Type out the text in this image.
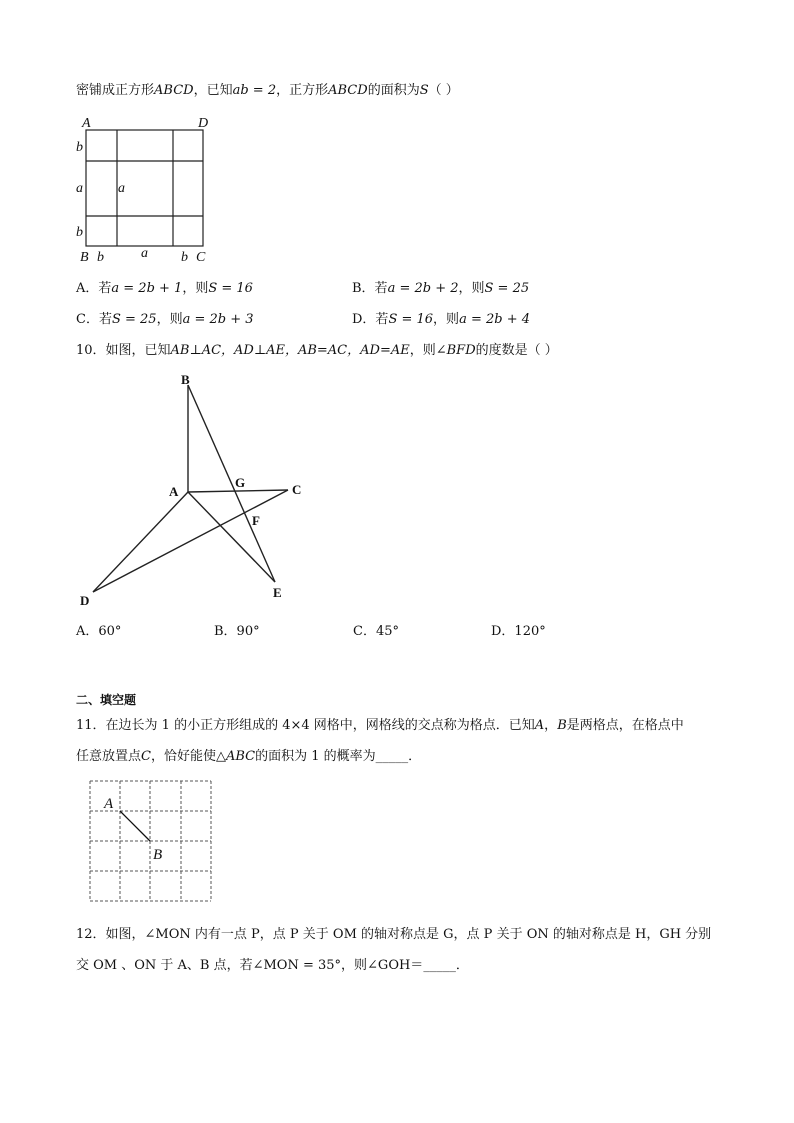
密铺成正方形ABCD，已知ab = 2，正方形ABCD的面积为S（ ）
A	D
b
a	a
b
B b	a b C
A．若a = 2b + 1，则S = 16	B．若a = 2b + 2，则S = 25
C．若S = 25，则a = 2b + 3	D．若S = 16，则a = 2b + 4
10．如图，已知AB⊥AC，AD⊥AE，AB=AC，AD=AE，则∠BFD的度数是（ ）
B
A
G	C
F
D
E
A．60°	B．90°	C．45°	D．120°
二、填空题
11．在边长为 1 的小正方形组成的 4×4 网格中，网格线的交点称为格点．已知A，B是两格点，在格点中
任意放置点C，恰好能使△ABC的面积为 1 的概率为_____．
A
B
12．如图，∠MON 内有一点 P，点 P 关于 OM 的轴对称点是 G，点 P 关于 ON 的轴对称点是 H，GH 分别
交 OM 、ON 于 A、B 点，若∠MON = 35°，则∠GOH＝_____．
